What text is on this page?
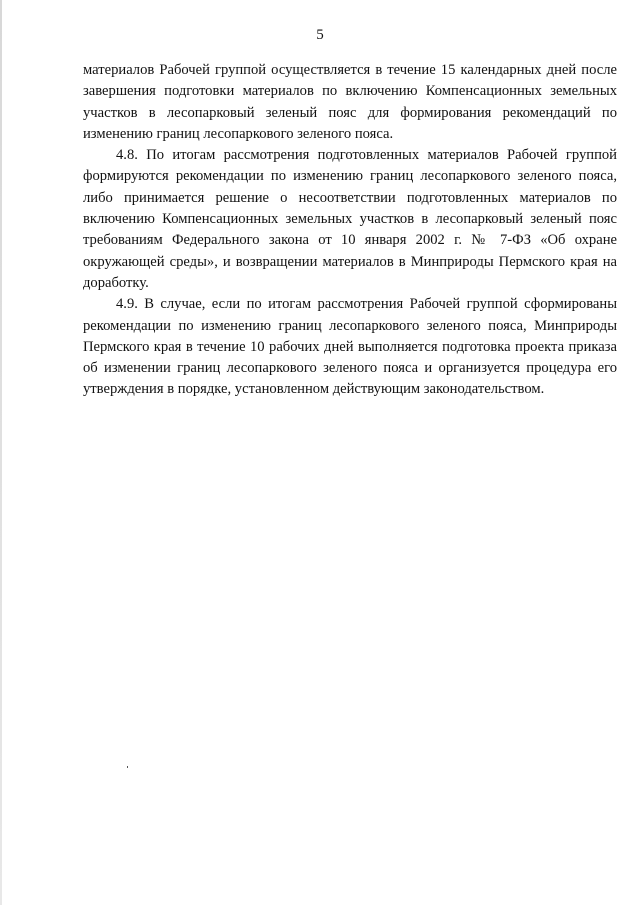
5

материалов Рабочей группой осуществляется в течение 15 календарных дней после завершения подготовки материалов по включению Компенсационных земельных участков в лесопарковый зеленый пояс для формирования рекомендаций по изменению границ лесопаркового зеленого пояса.

4.8. По итогам рассмотрения подготовленных материалов Рабочей группой формируются рекомендации по изменению границ лесопаркового зеленого пояса, либо принимается решение о несоответствии подготовленных материалов по включению Компенсационных земельных участков в лесопарковый зеленый пояс требованиям Федерального закона от 10 января 2002 г. № 7-ФЗ «Об охране окружающей среды», и возвращении материалов в Минприроды Пермского края на доработку.

4.9. В случае, если по итогам рассмотрения Рабочей группой сформированы рекомендации по изменению границ лесопаркового зеленого пояса, Минприроды Пермского края в течение 10 рабочих дней выполняется подготовка проекта приказа об изменении границ лесопаркового зеленого пояса и организуется процедура его утверждения в порядке, установленном действующим законодательством.
